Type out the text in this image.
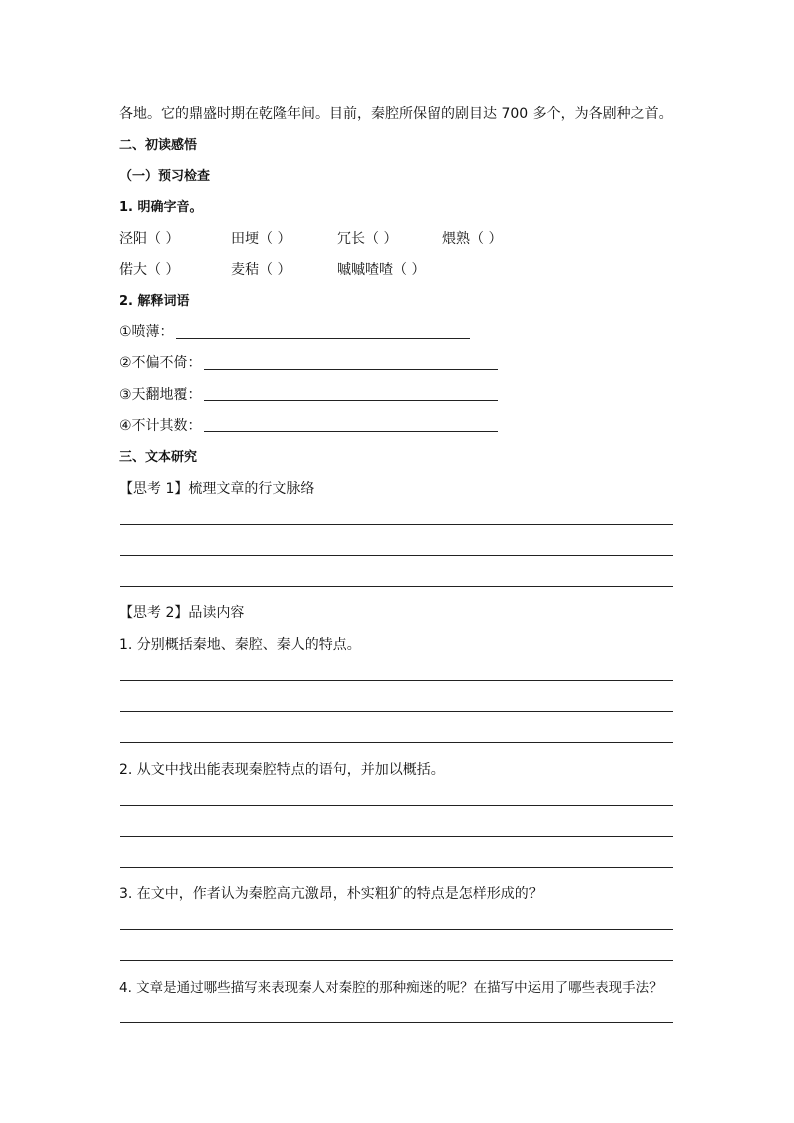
各地。它的鼎盛时期在乾隆年间。目前，秦腔所保留的剧目达 700 多个，为各剧种之首。
二、初读感悟
（一）预习检查
1. 明确字音。
泾阳（ ）	田埂（ ）	冗长（ ）	煨熟（ ）
偌大（ ）	麦秸（ ）	嘁嘁喳喳（ ）
2. 解释词语
①喷薄：
②不偏不倚：
③天翻地覆：
④不计其数：
三、文本研究
【思考 1】梳理文章的行文脉络
【思考 2】品读内容
1. 分别概括秦地、秦腔、秦人的特点。
2. 从文中找出能表现秦腔特点的语句，并加以概括。
3. 在文中，作者认为秦腔高亢激昂，朴实粗犷的特点是怎样形成的？
4. 文章是通过哪些描写来表现秦人对秦腔的那种痴迷的呢？在描写中运用了哪些表现手法？
